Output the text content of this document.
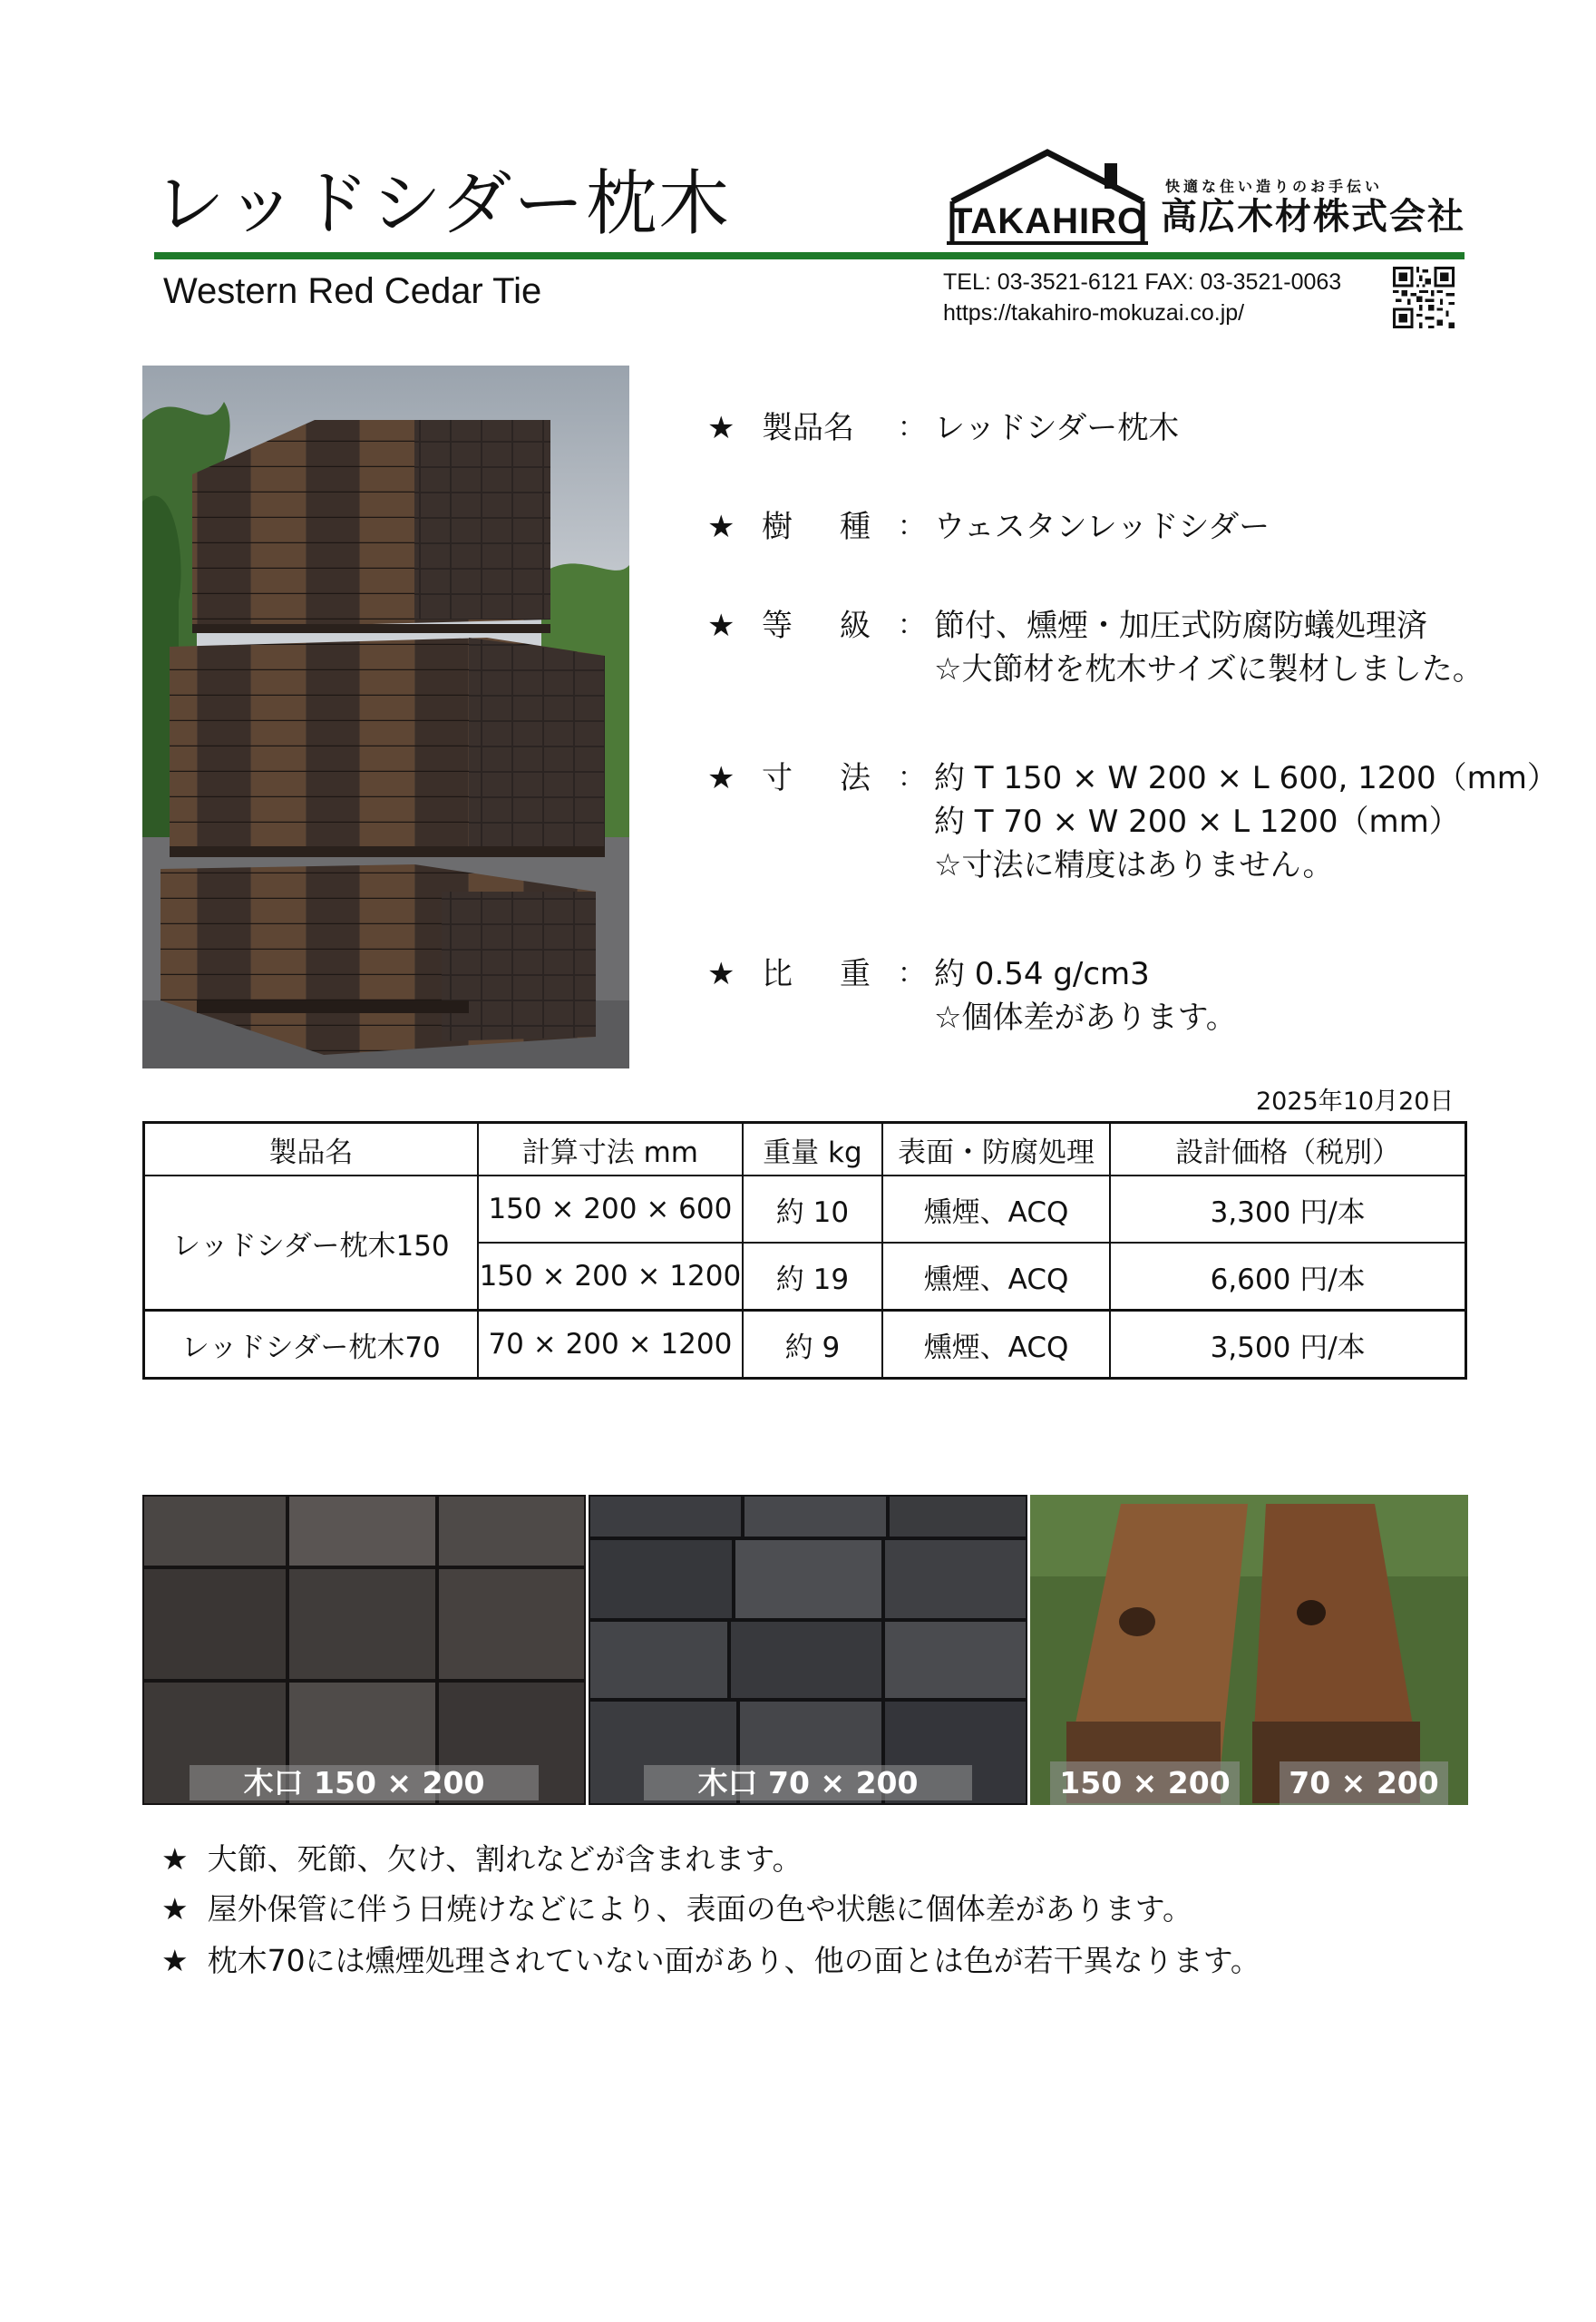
レッドシダー枕木
Western Red Cedar Tie
TAKAHIRO
快適な住い造りのお手伝い
高広木材株式会社
TEL: 03-3521-6121 FAX: 03-3521-0063
https://takahiro-mokuzai.co.jp/
★ 製品名	： レッドシダー枕木
★ 樹 種 ： ウェスタンレッドシダー
★ 等 級 ： 節付、燻煙・加圧式防腐防蟻処理済
☆大節材を枕木サイズに製材しました。
★ 寸 法 ： 約 T 150 × W 200 × L 600, 1200（mm）
約 T 70 × W 200 × L 1200（mm）
☆寸法に精度はありません。
★ 比 重 ： 約 0.54 g/cm3
☆個体差があります。
2025年10月20日
製品名	計算寸法 mm	重量 kg	表面・防腐処理	設計価格（税別）
レッドシダー枕木150	150 × 200 × 600	約 10	燻煙、ACQ	3,300 円/本
	150 × 200 × 1200	約 19	燻煙、ACQ	6,600 円/本
レッドシダー枕木70	70 × 200 × 1200	約 9	燻煙、ACQ	3,500 円/本
木口 150 × 200	木口 70 × 200	150 × 200	70 × 200
★ 大節、死節、欠け、割れなどが含まれます。
★ 屋外保管に伴う日焼けなどにより、表面の色や状態に個体差があります。
★ 枕木70には燻煙処理されていない面があり、他の面とは色が若干異なります。
